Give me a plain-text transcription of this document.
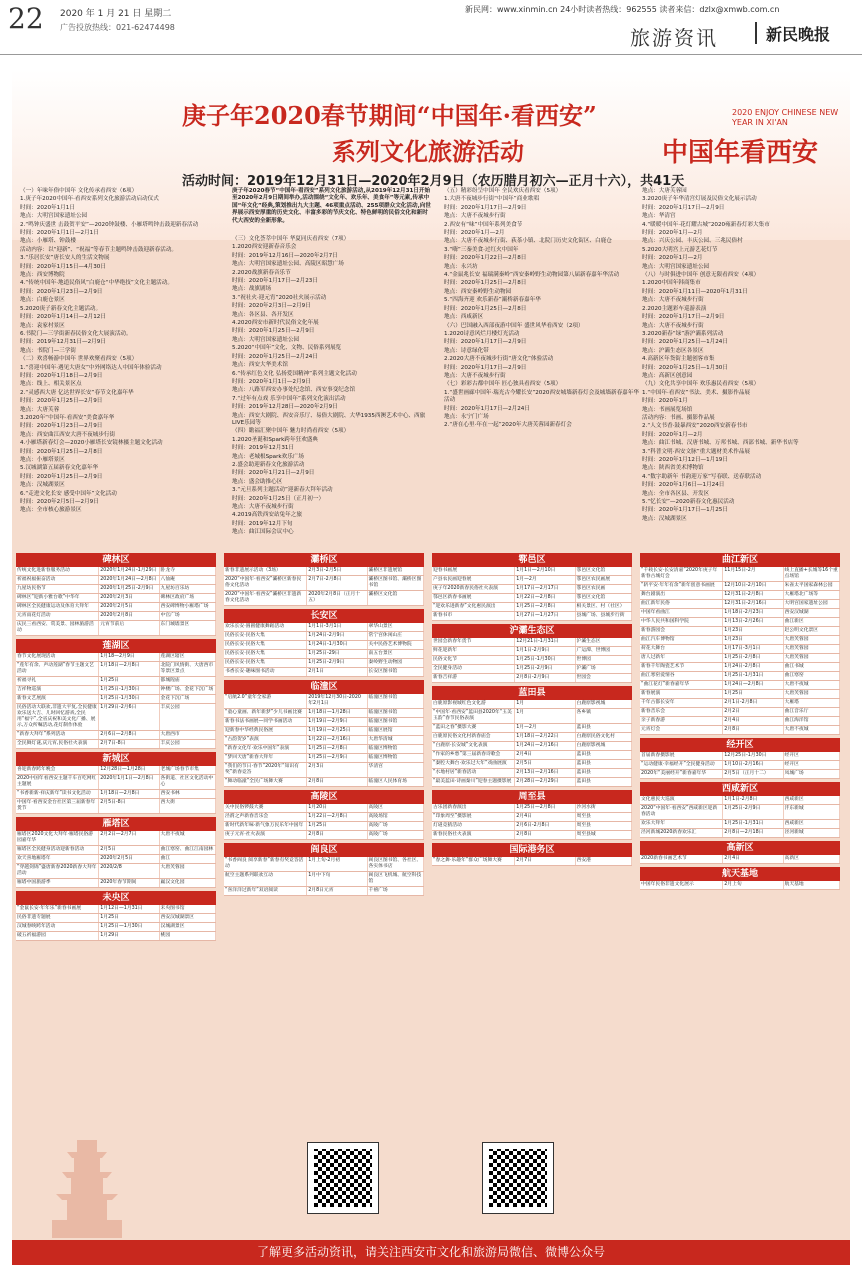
22 2020 年 1 月 21 日 星期二
广告投放热线：021-62474498
新民网：www.xinmin.cn 24小时读者热线：962555 读者来信：dzlx@xmwb.com.cn
旅游资讯	新民晚报
庚子年2020春节期间“中国年·看西安”
系列文化旅游活动
2020 ENJOY CHINESE NEW YEAR IN XI'AN
中国年看西安
活动时间：2019年12月31日—2020年2月9日（农历腊月初六—正月十六），共41天
庚子年2020春节“中国年·看西安”系列文化旅游活动,从2019年12月31日开始至2020年2月9日期间举办,活动围绕“文化年、欢乐年、美食年”等元素,传承中国“年文化”经典,策划推出九大主题、46项重点活动、255项群众文化活动,向世界展示西安厚重的历史文化、丰富多彩的节庆文化、特色鲜明的民俗文化和新时代大西安的全新形象。

（一）年味年俗中国年 文化传承看西安（6项）

1.庚子年2020中国年·看西安系列文化旅游活动启动仪式

时间：2020年1月1日

地点：大明宫国家遗址公园

2.“鸣钟庆盛世 击鼓贺平安”—2020钟鼓楼、小雁塔鸣钟击鼓迎新春活动

时间：2020年1月1日—2月1日

地点：小雁塔、钟鼓楼

活动内容：以“迎新”、“祝福”等春节主题鸣钟击鼓迎新春活动。

3.“乐居长安”唐长安人的生活文物展

时间：2020年1月15日—4月30日

地点：西安博物院

4.“传统中国年·地道民俗风”白鹿仓“中华绝技”文化主题活动。

时间：2020年1月23日—2月9日

地点：白鹿仓景区

5.2020庚子新春文化主题活动。

时间：2020年1月14日—2月12日

地点：袁家村景区

6.书院门—三学街新春民俗文化大展演活动。

时间：2019年12月31日—2月9日

地点：书院门—三学街

（二）欢喜畅游中国年 世界欢聚看西安（5项）

1.“喜迎中国年·遇见大唐女”中外网络达人中国年体验活动

时间：2020年1月18日—2月9日

地点：线上、相关景区点

2.“灵感西大唐 亿达世界长安”春节文化嘉年华

时间：2020年1月25日—2月9日

地点：大唐芙蓉

3.2020年“中国年·看西安”美食嘉年华

时间：2020年1月23日—2月9日

地点：西安曲江西安大唐不夜城步行街

4.小雁塔新春灯会—2020小雁塔长安镜林摄主题文化活动

时间：2020年1月25日—2月8日

地点：小雁塔景区

5.汉城湖第五届新春文化嘉年华

时间：2020年1月25日—2月9日

地点：汉城湖景区

6.“走进文化长安 感受中国年”文化活动

时间：2020年2月5日—2月9日

地点：全市核心旅游景区

（三）文化荟萃中国年 华夏同庆看西安（7项）

1.2020西安迎新春音乐会

时间：2019年12月16日—2020年2月7日

地点：大明宫国家遗址公园、高陵区昭慧广场

2.2020战旗新春音乐节

时间：2020年1月17日—2月23日

地点：战旗剧场

3.“祝社火·迎元宵”2020社火展示活动

时间：2020年2月3日—2月9日

地点：各区县、各开发区

4.2020西安市新时代民俗文化年展

时间：2020年1月25日—2月9日

地点：大明宫国家遗址公园

5.2020“中国年”文化、文物、民俗系列展览

时间：2020年1月25日—2月24日

地点：西安大华美术馆

6.“传承红色文化 弘扬爱国精神”系列主题文化活动

时间：2020年1月1日—2月9日

地点：八路军西安办事处纪念馆、西安事变纪念馆

7.“过年有点戏 乐享中国年”系列文化演出活动

时间：2019年12月28日—2020年2月9日

地点：西安大剧院、西安音乐厅、易俗大剧院、大华1935西澳艺术中心、西旅LIVE乐园等

（四）瞻福汇聚中国年 魅力时尚看西安（5项）

1.2020圣诞和Spark跨年狂欢盛典

时间：2019年12月31日

地点：老城根Spark欢乐广场

2.盛会助迎新春文化旅游活动

时间：2020年1月21日—2月9日

地点：盛会助推心区

3.“元旦系列主题活动”迎新春大拜年活动

时间：2020年1月25日（正月初一）

地点：大唐不夜城步行街

4.2019高铁西安站兔年之旅

时间：2019年12月下旬

地点：曲江国际会议中心

（五）精彩纷呈中国年 全民欢庆看西安（5项）

1.大唐不夜城步行街“中国年”商业歌唱

时间：2020年1月17日—2月9日

地点：大唐不夜城步行街

2.西安有“味”中国年系列美食节

时间：2020年1月—2月

地点：大唐不夜城步行街、荻茶小镇、北院门历史文化街区、白鹿仓

3.“嗨”三秦美食·过红火中国年

时间：2020年1月22日—2月8日

地点：永兴坊

4.“金鼠兆长安 福瑞满秦岭”西安秦岭野生动物园第八届新春嘉年华活动

时间：2020年1月25日—2月8日

地点：西安秦岭野生动物园

5.“四海齐迎 欢乐新春”灞桥新春嘉年华

时间：2020年1月25日—2月8日

地点：西咸新区

（六）巴国融入西部夜游中国年 盛世风华看西安（2项）

1.2020诗意风烂月楼灯光活动

时间：2020年1月17日—2月9日

地点：诗意绿化带

2.2020大唐不夜城步行街“唐文化”体验活动

时间：2020年1月17日—2月9日

地点：大唐不夜城步行街

（七）彩彩古都中国年 匠心独具看西安（5项）

1.“盛世画廊中国年·瑞光古今耀长安”2020西安城墙新春灯会及城墙新春嘉年华活动

时间：2020年1月17日—2月24日

地点：永宁门广场

2.“唐在心里·年在一起”2020年大唐芙蓉园新春灯会

地点：大唐芙蓉园

3.2020庚子年华清宫灯展及民俗文化展示活动

时间：2020年1月17日—2月9日

地点：华清宫

4.“暖暖中国年·花灯耀古城”2020雍新春灯彩大集市

时间：2020年1月—2月

地点：兴庆公园、丰庆公园、三兆民俗村

5.2020大明宫上元游艺花灯节

时间：2020年1月—2月

地点：大明宫国家遗址公园

（八）与时俱进中国年 创意无限看西安（4项）

1.2020中国年韩商集市

时间：2020年1月11日—2020年1月31日

地点：大唐不夜城步行街

2.2020主题彩车巡游表演

时间：2020年1月17日—2月9日

地点：大唐不夜城步行街

3.2020新春“绿”游沪灞系列活动

时间：2020年1月25日—1月24日

地点：沪灞生态区各景区

4.高新区年货街主题创客市集

时间：2020年1月25日—1月30日

地点：高新区创意园

（九）文化共享中国年 欢乐惠民看西安（5项）

1.“中国年·看西安”书法、美术、摄影作品展

时间：2020年1月

地点：书画展览场馆

活动内容：书画、摄影作品展

2.“人文书香·鼓暴西安”2020西安新春书市

时间：2020年1月—2月

地点：曲江书城、汉唐书城、万邦书城、西部书城、新华书店等

3.“科普文明·西安文脉”重大题材美术作品展

时间：2020年1月12日—1月19日

地点：陕西省美术博物馆

4.“数字助新年 书韵迎万家”写春联、送春联活动

时间：2020年1月6日—1月24日

地点：全市各区县、开发区

5.“忆长安”—2020新春文化惠民活动

时间：2020年1月17日—1月25日

地点：汉城湖景区

碑林区
传统文化进新春服务活动	2020年1月24日-1月29日 卧龙寺
祈福祝福振奋活动	2020年1月24日—2月8日 八仙庵
九屋坊民俗节	2020年1月25日-2月9日	九屋坊百乐坊
碑林区“迎新小雅台歌”中华年	2020年2月3日	碑林区政府广场
碑林区全民健康运动及体育大拜年	2020年2月5日	西安碑博物小雁塔广场
元宵雨花灯活动	2020年2月8日	中官广场
庆民三看西安、赏美景、园林旅游活动
元宵节前后	东门城墙景区
莲湖区
春节文化展现活动	1月18—2月9日	莲湖区辖区
“莲年有余、声动莲湖”春节主题文艺活动
1月18日—2月8日	北院门风情街、大唐西市等景区景点
祈福寻礼	1月25日	都城隍庙
吉祥物巡演	1月25日-1月30日	钟楼广场、金花下沉广场
新春文艺展演	1月25日-1月30日	金花下沉广场
民俗活动大联欢,非遗大平复,全民健康欢乐送大吉、儿时回忆游戏,全民用“福字”,全省庆祝和美文化广播、展示,万众所嘱活动,花灯制作体验
1月29日-2月6日	丰庆公园
“新春大拜年”系列活动	2月6日—2月8日	大唐西市
全民舞灯谜,庆元宵,民俗社火表演	2月7日-8日	丰庆公园
新城区
喜迎新春跨年晚会	12月28日—1月28日	老城广场春节市集
2020中国年看西安主题千车百吃网红主题展
2020年1月1日—2月8日	各街道、社区文化活动中心
“书香新新·祥庆新年”读书文化活动	1月18日—2月8日	西安书林
中国年·看西安金台社区第三届新春年货节
2月5日-8日	西大街
雁塔区
雁塔区2020文化大拜年·雁塔民俗游园嘉年华
2月2日—2月7日	大唐不夜城
雁塔区全民健身活动迎新春活动	2月5日	曲江寒窑、曲江江南园林
欢天喜地雁塔年	2020年2月5日	曲江
“穿越剑锦”盛唐新春2020新春大拜年活动
2020/2/8	大唐芙蓉园
雁塔中国旅游季	2020年春节期间	赢汉文化园
未央区
“金鼠长安·年年乐”新春书画展	1月12日—1月31日	未央图书馆
民俗非遗专题展	1月25日	西安汉城湖景区
汉城春映跨年活动	1月25日—1月30日	汉城湖景区
破五祈福游园	1月29日	桃园
灞桥区
新春非遗展示活动（3场）	2月3日-2月5日	灞桥区非遗展馆
2020“中国年·看西安”灞桥区新春民俗文化活动
2月7日-2月8日	灞桥区图书馆、灞桥区图书馆
2020“中国年·看西安”灞桥区非遗新春文化活动
2020年2月8日（正月十五）
灞桥区文化馆
长安区
欢乐长安·圆圆健康舞蹈活动	1月1日-3月1日	翠华山景区
民俗长安·民俗大集	1月24日-2月9日	常宁宫休闲山庄
民俗长安·民俗大集	1月24日-1月30日	关中民俗艺术博物院
民俗长安·民俗大集	1月25日-29日	南五台景区
民俗长安·民俗大集	1月25日-2月9日	秦岭野生动物园
书香长安·趣味图书活动	2月1日	长安区图书馆
临潼区
“启航2.0”童年全家游	2019年12月30日-2020年2月1日
临潼区图书馆
“童心童画、新年新梦”少儿书画比赛	1月18日—1月28日	临潼区图书馆
新春书法书画展—同学书画活动	1月19日—2月9日	临潼区图书馆
迎新春中华经典民俗展	1月19日—2月25日	临潼区展馆
“古韵贺岁”表演	1月22日—2月16日	大唐华清城
“新春文化年·欢乐中国年”表演	1月25日—2月8日	临潼区博物馆
“梦回天唐”新春大拜年	1月25日—2月9日	临潼区博物馆
“我们的节日·春节”2020年“知识有奖”新春竞答
2月3日	华清宫
“舞动临潼”全民广场舞大赛	2月8日	临潼区人民体育场
高陵区
关中民俗锣鼓大赛	1月20日	高陵区
泾渭之声新春音乐会	1月22日—2月8日	高陵场馆
新时代新年味·新气象万民乐年中国年	1月25日	高陵广场
庚子元宵·社火表演	2月8日	高陵广场
阎良区
“书香阎良 阅享新春”新春有奖竞答活动
1月上旬-2月初	阎良区图书馆、各社区、各实体书店
航空主题系列联欢互动	1月中下旬	阎良区飞机城、航空科技馆
“喜洋洋过新年”双语阅读	2月8日元宵	千禧广场
鄠邑区
迎春书画展	1月1日—2月10日	鄠邑区文化馆
户县农民画迎春展	1月—2月	鄠邑区农民画展
庚子年2020新春民俗社火表演	1月17日—2月17日	鄠邑区农民画
鄠邑区新春书画展	1月22日—2月8日	鄠邑区文化馆
“迎欢乐进新春”文化惠民演出	1月25日—2月8日	相关景区、村（社区）
新春书市	1月27日—1月27日	县城广场、县城步行街
沪灞生态区
世园会新春年货节	12月21日-1月31日	沪灞生态区
鲜花迎新年	1月1日-2月9日	广运潭、世博园
民俗文化节	1月25日-1月30日	世博园
全民健身活动	1月25日-2月9日	沪灞广场
新春吉祥游	2月8日-2月9日	世园会
蓝田县
白鹿原影视城红色文化游	1月	白鹿原影视城
“中国年·看西安”蓝田县2020年“玉美玉韵”春节民俗表演
1月	各乡镇
“蓝田之春”摄影大赛	1月—2月	蓝田县
白鹿原民俗文化村新春庙会	1月18日—2月22日	白鹿原民俗文化村
“白鹿原·长安城”文化表演	1月24日—2月16日	白鹿原影视城
“作家的乡愁”第三届新春诗歌会	2月4日	蓝田县
“秦腔大舞台·欢乐过大年”戏曲展演	2月5日	蓝田县
“水地村居”新春活动	2月13日—2月16日	蓝田县
“最美蓝田·诗画秦川”迎春主题摄影展 2月28日—2月29日	蓝田县
周至县
古乐团新春演出	1月25日—2月8日	沙河水街
“印象周至”摄影展	2月4日	周至县
灯谜竞猜活动	2月6日-2月8日	周至县
新春民俗社火表演	2月8日	周至县城
国际港务区
“春之舞·乐趣年”群众广场舞大赛	2月7日	西安港
曲江新区
“千载长安·长安清嘉”2020年庚子年新春古城灯会
11月15日-2月	线上直播+长城等16个重点场馆
“斩平安·年年有余”新年创意书画展	12月10日-2月10日	朱雀太平国家森林公园
舞台剧演出	12月31日-2月8日	大雁塔北广场等
曲江新年民俗	12月31日-2月16日	大明宫国家遗址公园
中国年看曲江	1月18日-2月23日	西安汉城湖
中华人民共和国科学院	1月13日-2月26日	曲江新区
新春游园会	1月23日	赵公明文化景区
曲江汽车博物馆	1月23日	大唐芙蓉园
荷花大舞台	1月17日-3月1日	大唐芙蓉园
唐人过新年	1月25日-2月8日	大唐芙蓉园
新春千年陶瓷艺术节	1月24日-2月8日	曲江书城
曲江寒窑爱情谷	1月25日-1月31日	曲江寒窑
“曲江花灯”新春嘉年华	1月24日—2月8日	大唐不夜城
新春展演	1月25日	大唐芙蓉园
千年古都长安年	2月1日-2月8日	大雁塔
新春音乐会	2月2日	曲江音乐厅
亲子新春游	2月4日	曲江海洋馆
元宵灯会	2月8日	大唐不夜城
经开区
首届新春摄影展	12月25日-1月30日	经开区
“运动健康·幸福经开”全民健身活动	1月10日-2月16日	经开区
2020年“美丽经开”新春嘉年华	2月5日（正月十二）	凤城广场
西咸新区
文化惠民大巡演	1月1日-2月8日	西咸新区
2020“中国年·看西安”西咸新区迎新春活动
1月25日-2月9日	沣东新城
欢乐大拜年	1月25日-1月31日	西咸新区
泾河新城2020新春欢乐汇	2月8日—2月18日	泾河新城
高新区
2020新春书画艺术节	2月4日	高新区
航天基地
中国年民俗非遗文化展示	2月上旬	航天基地
了解更多活动资讯，请关注西安市文化和旅游局微信、微博公众号
